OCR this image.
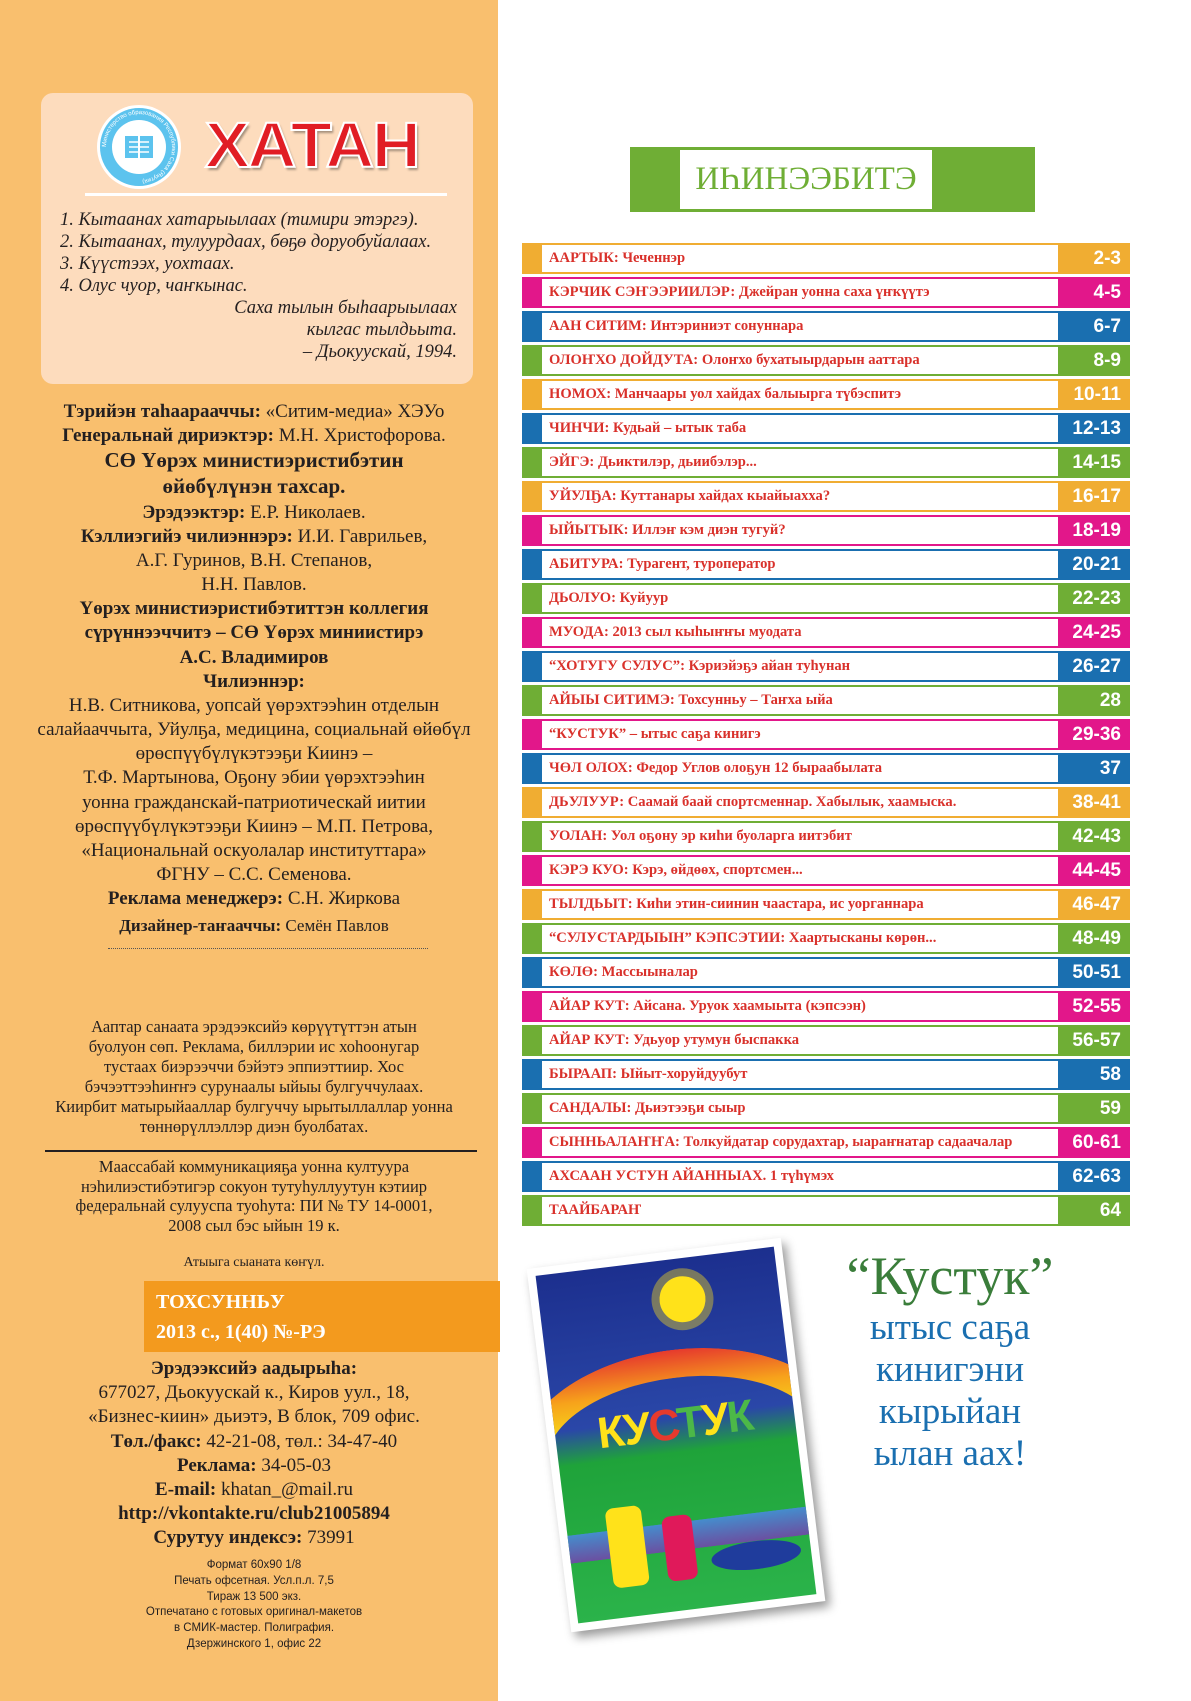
Министерство образования Республики Саха (Якутия) ХАТАН
1. Кытаанах хатарыылаах (тимири этэргэ).
2. Кытаанах, тулуурдаах, бөҕө доруобуйалаах.
3. Күүстээх, уохтаах.
4. Олус чуор, чаҥкынас.
Саха тылын быһаарыылаах
кылгас тылдьыта.
– Дьокуускай, 1994.
Тэрийэн таһаарааччы: «Ситим-медиа» ХЭУо
Генеральнай дириэктэр: М.Н. Христофорова.
СӨ Үөрэх министиэристибэтин
өйөбүлүнэн тахсар.
Эрэдээктэр: Е.Р. Николаев.
Кэллиэгийэ чилиэннэрэ: И.И. Гаврильев,
А.Г. Гуринов, В.Н. Степанов,
Н.Н. Павлов.
Үөрэх министиэристибэтиттэн коллегия
сүрүннээччитэ – СӨ Үөрэх миниистирэ
А.С. Владимиров
Чилиэннэр:
Н.В. Ситникова, уопсай үөрэхтээһин отделын
салайааччыта, Уйулҕа, медицина, социальнай өйөбүл
өрөспүүбүлүкэтээҕи Киинэ –
Т.Ф. Мартынова, Оҕону эбии үөрэхтээһин
уонна гражданскай-патриотическай иитии
өрөспүүбүлүкэтээҕи Киинэ – М.П. Петрова,
«Национальнай оскуолалар институттара»
ФГНУ – С.С. Семенова.
Реклама менеджерэ: С.Н. Жиркова
Дизайнер-таҥааччы: Семён Павлов
Ааптар санаата эрэдээксийэ көрүүтүттэн атын
буолуон сөп. Реклама, биллэрии ис хоһоонугар
тустаах биэрээччи бэйэтэ эппиэттиир. Хос
бэчээттээһиҥҥэ сурунаалы ыйыы булгуччулаах.
Киирбит матырыйааллар булгуччу ырытыллаллар уонна
төннөрүллэллэр диэн буолбатах.
Маассабай коммуникацияҕа уонна култуура
нэһилиэстибэтигэр сокуон тутуһуллуутун кэтиир
федеральнай сулууспа туоһута: ПИ № ТУ 14-0001,
2008 сыл бэс ыйын 19 к.
Атыыга сыаната көҥүл.
ТОХСУННЬУ
2013 с., 1(40) №-РЭ
Эрэдээксийэ аадырыһа:
677027, Дьокуускай к., Киров уул., 18,
«Бизнес-киин» дьиэтэ, В блок, 709 офис.
Төл./факс: 42-21-08, төл.: 34-47-40
Реклама: 34-05-03
E-mail: khatan_@mail.ru
http://vkontakte.ru/club21005894
Сурутуу индексэ: 73991
Формат 60x90 1/8
Печать офсетная. Усл.п.л. 7,5
Тираж 13 500 экз.
Отпечатано с готовых оригинал-макетов
в СМИК-мастер. Полиграфия.
Дзержинского 1, офис 22
ИҺИНЭЭБИТЭ
ААРТЫК: Чеченнэр	2-3
КЭРЧИК СЭҤЭЭРИИЛЭР: Джейран уонна саха үҥкүүтэ	4-5
ААН СИТИМ: Интэриниэт сонуннара	6-7
ОЛОҤХО ДОЙДУТА: Олоҥхо бухатыырдарын ааттара	8-9
НОМОХ: Манчаары уол хайдах балыырга түбэспитэ	10-11
ЧИНЧИ: Кудьай – ытык таба	12-13
ЭЙГЭ: Дьиктилэр, дьиибэлэр...	14-15
УЙУЛҔА: Куттанары хайдах кыайыахха?	16-17
ЫЙЫТЫК: Иллэҥ кэм диэн тугуй?	18-19
АБИТУРА: Турагент, туроператор	20-21
ДЬОЛУО: Куйуур	22-23
МУОДА: 2013 сыл кыһыҥҥы муодата	24-25
“ХОТУГУ СУЛУС”: Кэриэйэҕэ айан туһунан	26-27
АЙЫЫ СИТИМЭ: Тохсунньу – Таҥха ыйа	28
“КУСТУК” – ытыс саҕа кинигэ	29-36
ЧӨЛ ОЛОХ: Федор Углов олоҕун 12 быраабылата	37
ДЬУЛУУР: Саамай баай спортсменнар. Хабылык, хаамыска.	38-41
УОЛАН: Уол оҕону эр киһи буоларга иитэбит	42-43
КЭРЭ КУО: Кэрэ, өйдөөх, спортсмен...	44-45
ТЫЛДЬЫТ: Киһи этин-сиинин чаастара, ис уорганнара	46-47
“СУЛУСТАРДЫЫН” КЭПСЭТИИ: Хаартысканы көрөн...	48-49
КӨЛӨ: Массыыналар	50-51
АЙАР КУТ: Айсана. Уруок хаамыыта (кэпсээн)	52-55
АЙАР КУТ: Удьуор утумун быспакка	56-57
БЫРААП: Ыйыт-хоруйдуубут	58
САНДАЛЫ: Дьиэтээҕи сыыр	59
СЫННЬАЛАҤҤА: Толкуйдатар сорудахтар, ыараҥнатар садаачалар	60-61
АХСААН УСТУН АЙАННЫАХ. 1 түһүмэх	62-63
ТААЙБАРАҤ	64
КУСТУК
“Кустук”
ытыс саҕа
кинигэни
кырыйан
ылан аах!
